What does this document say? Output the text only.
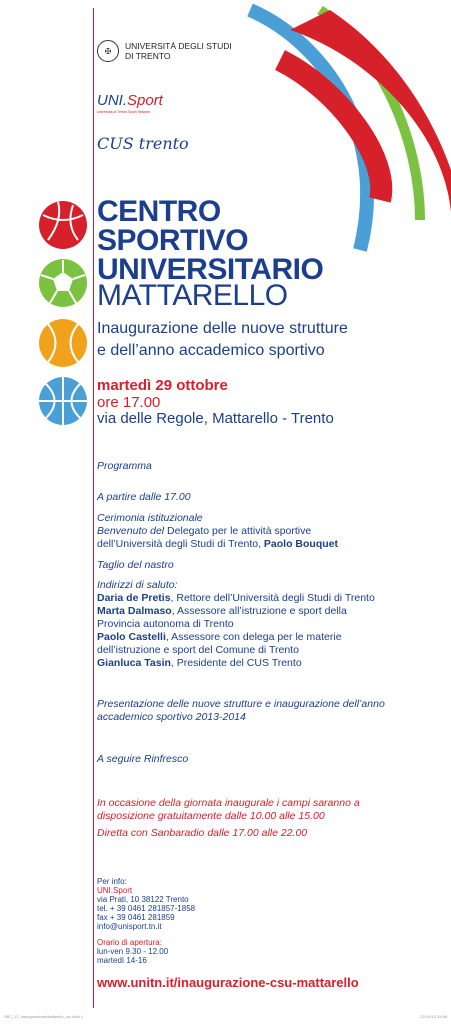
✠	UNIVERSITÀ DEGLI STUDI
DI TRENTO
UNI.Sport
Università di Trento Sport Network
CUS trento
CENTRO
SPORTIVO
UNIVERSITARIO
MATTARELLO
Inaugurazione delle nuove strutture
e dell’anno accademico sportivo
martedì 29 ottobre
ore 17.00
via delle Regole, Mattarello - Trento
Programma
A partire dalle 17.00
Cerimonia istituzionale
Benvenuto del Delegato per le attività sportive
dell’Università degli Studi di Trento, Paolo Bouquet
Taglio del nastro
Indirizzi di saluto:
Daria de Pretis, Rettore dell’Università degli Studi di Trento
Marta Dalmaso, Assessore all’istruzione e sport della
Provincia autonoma di Trento
Paolo Castelli, Assessore con delega per le materie
dell’istruzione e sport del Comune di Trento
Gianluca Tasin, Presidente del CUS Trento
Presentazione delle nuove strutture e inaugurazione dell’anno
accademico sportivo 2013-2014
A seguire Rinfresco
In occasione della giornata inaugurale i campi saranno a
disposizione gratuitamente dalle 10.00 alle 15.00
Diretta con Sanbaradio dalle 17.00 alle 22.00
Per info:
UNI.Sport
via Prati, 10 38122 Trento
tel. + 39 0461 281857-1858
fax + 39 0461 281859
info@unisport.tn.it
Orario di apertura:
lun-ven 9.30 - 12.00
martedì 14-16
www.unitn.it/inaugurazione-csu-mattarello
SBT_12_InaugurazioneMattarello_loc.indd 1	22/10/13 15:56
